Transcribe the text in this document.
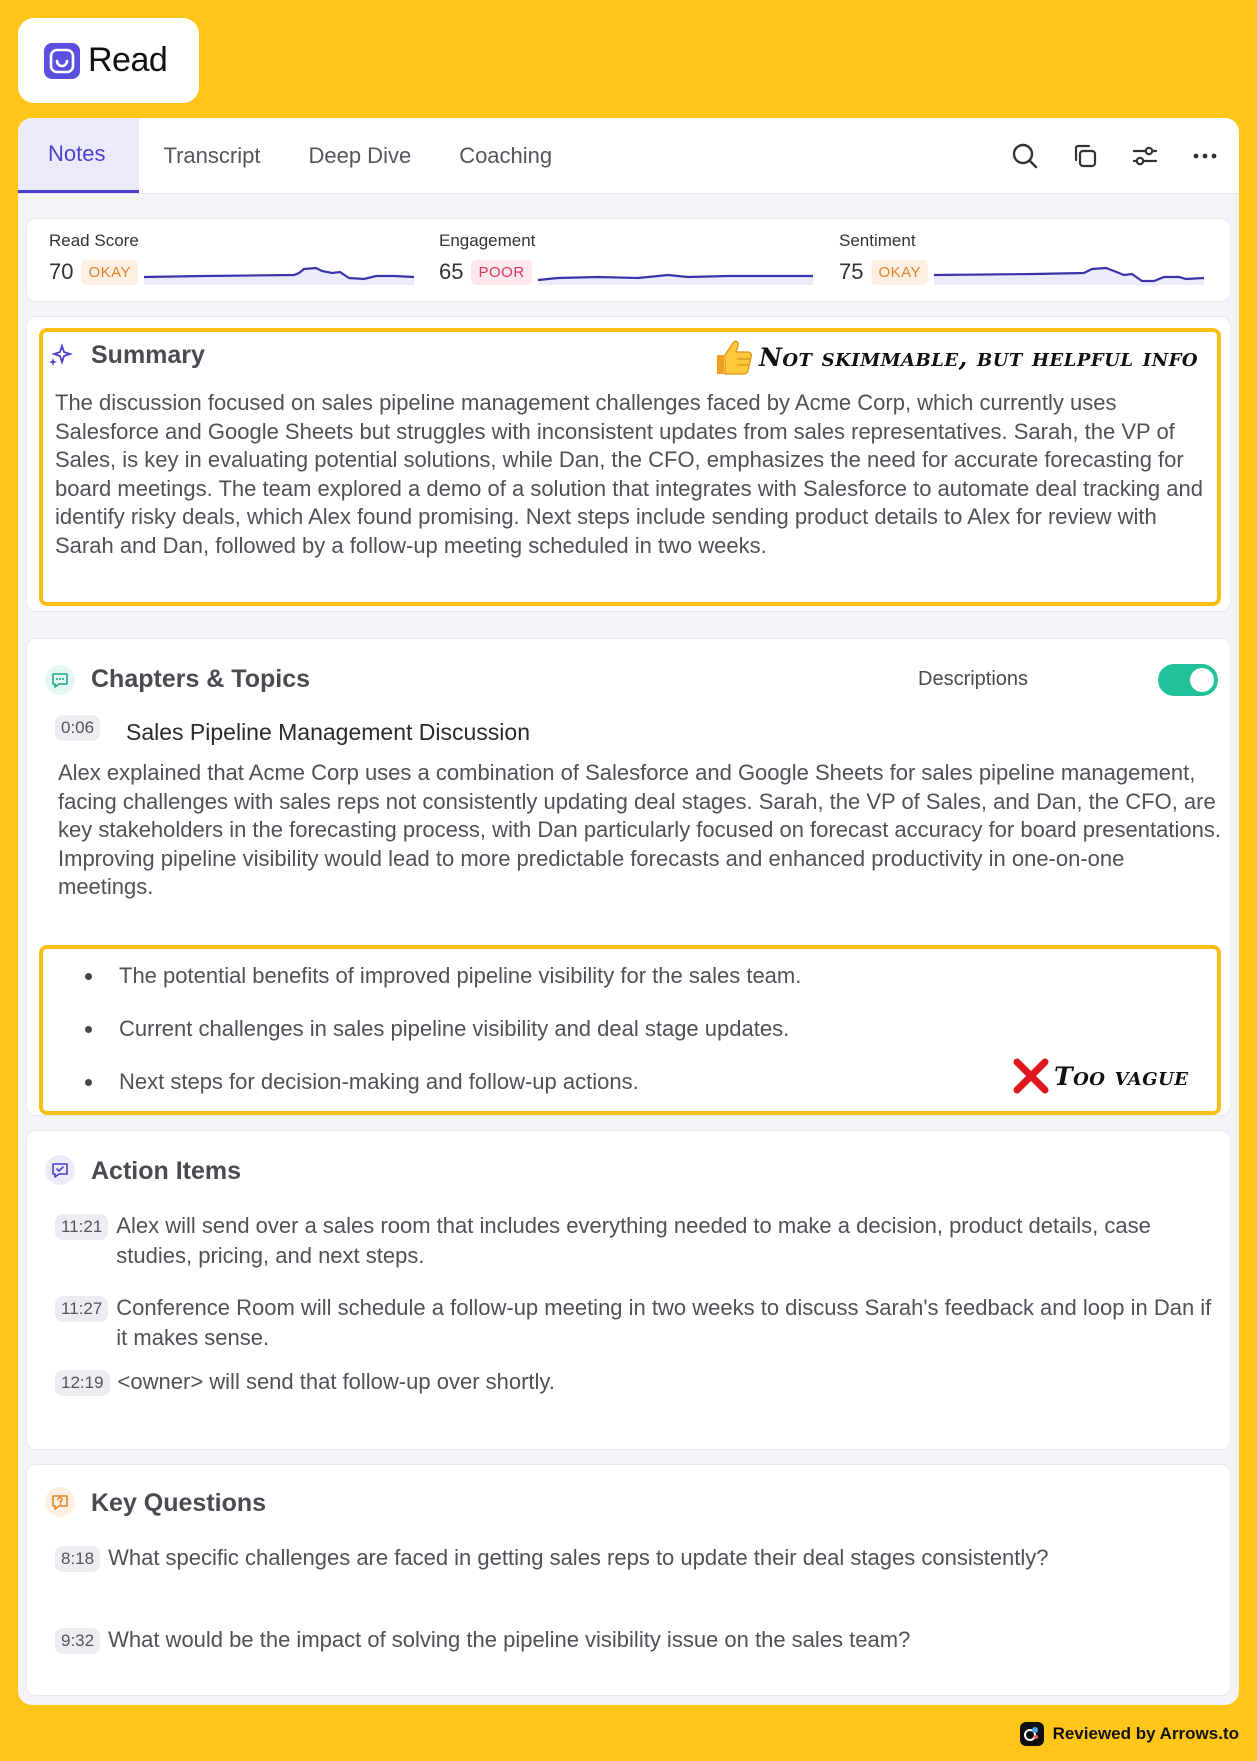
Read
Notes	Transcript	Deep Dive	Coaching
Read Score
70	OKAY
Engagement
65	POOR
Sentiment
75	OKAY
Summary	Not skimmable, but helpful info
The discussion focused on sales pipeline management challenges faced by Acme Corp, which currently uses Salesforce and Google Sheets but struggles with inconsistent updates from sales representatives. Sarah, the VP of Sales, is key in evaluating potential solutions, while Dan, the CFO, emphasizes the need for accurate forecasting for board meetings. The team explored a demo of a solution that integrates with Salesforce to automate deal tracking and identify risky deals, which Alex found promising. Next steps include sending product details to Alex for review with Sarah and Dan, followed by a follow-up meeting scheduled in two weeks.
Chapters & Topics	Descriptions
0:06 Sales Pipeline Management Discussion
Alex explained that Acme Corp uses a combination of Salesforce and Google Sheets for sales pipeline management, facing challenges with sales reps not consistently updating deal stages. Sarah, the VP of Sales, and Dan, the CFO, are key stakeholders in the forecasting process, with Dan particularly focused on forecast accuracy for board presentations. Improving pipeline visibility would lead to more predictable forecasts and enhanced productivity in one-on-one meetings.
The potential benefits of improved pipeline visibility for the sales team.
Current challenges in sales pipeline visibility and deal stage updates.
Next steps for decision-making and follow-up actions.	Too vague
Action Items
11:21 Alex will send over a sales room that includes everything needed to make a decision, product details, case studies, pricing, and next steps.
11:27 Conference Room will schedule a follow-up meeting in two weeks to discuss Sarah's feedback and loop in Dan if it makes sense.
12:19 <owner> will send that follow-up over shortly.
Key Questions
8:18 What specific challenges are faced in getting sales reps to update their deal stages consistently?
9:32 What would be the impact of solving the pipeline visibility issue on the sales team?
Reviewed by Arrows.to
